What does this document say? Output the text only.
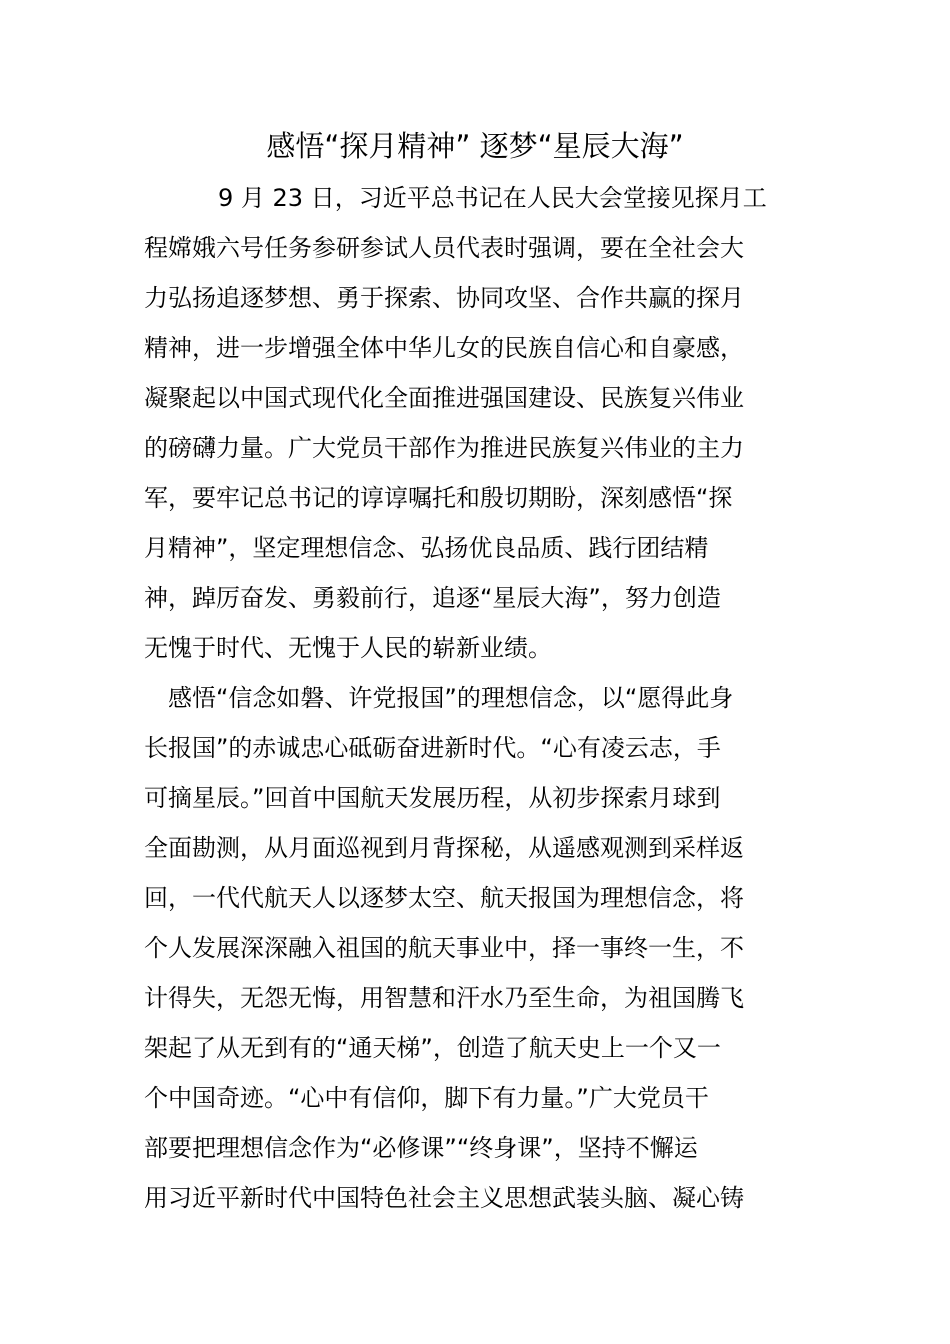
感悟“探月精神” 逐梦“星辰大海”

9 月 23 日，习近平总书记在人民大会堂接见探月工

程嫦娥六号任务参研参试人员代表时强调，要在全社会大

力弘扬追逐梦想、勇于探索、协同攻坚、合作共赢的探月

精神，进一步增强全体中华儿女的民族自信心和自豪感，

凝聚起以中国式现代化全面推进强国建设、民族复兴伟业

的磅礴力量。广大党员干部作为推进民族复兴伟业的主力

军，要牢记总书记的谆谆嘱托和殷切期盼，深刻感悟“探

月精神”，坚定理想信念、弘扬优良品质、践行团结精

神，踔厉奋发、勇毅前行，追逐“星辰大海”，努力创造

无愧于时代、无愧于人民的崭新业绩。

感悟“信念如磐、许党报国”的理想信念，以“愿得此身

长报国”的赤诚忠心砥砺奋进新时代。“心有凌云志，手

可摘星辰。”回首中国航天发展历程，从初步探索月球到

全面勘测，从月面巡视到月背探秘，从遥感观测到采样返

回，一代代航天人以逐梦太空、航天报国为理想信念，将

个人发展深深融入祖国的航天事业中，择一事终一生，不

计得失，无怨无悔，用智慧和汗水乃至生命，为祖国腾飞

架起了从无到有的“通天梯”，创造了航天史上一个又一

个中国奇迹。“心中有信仰，脚下有力量。”广大党员干

部要把理想信念作为“必修课”“终身课”，坚持不懈运

用习近平新时代中国特色社会主义思想武装头脑、凝心铸
